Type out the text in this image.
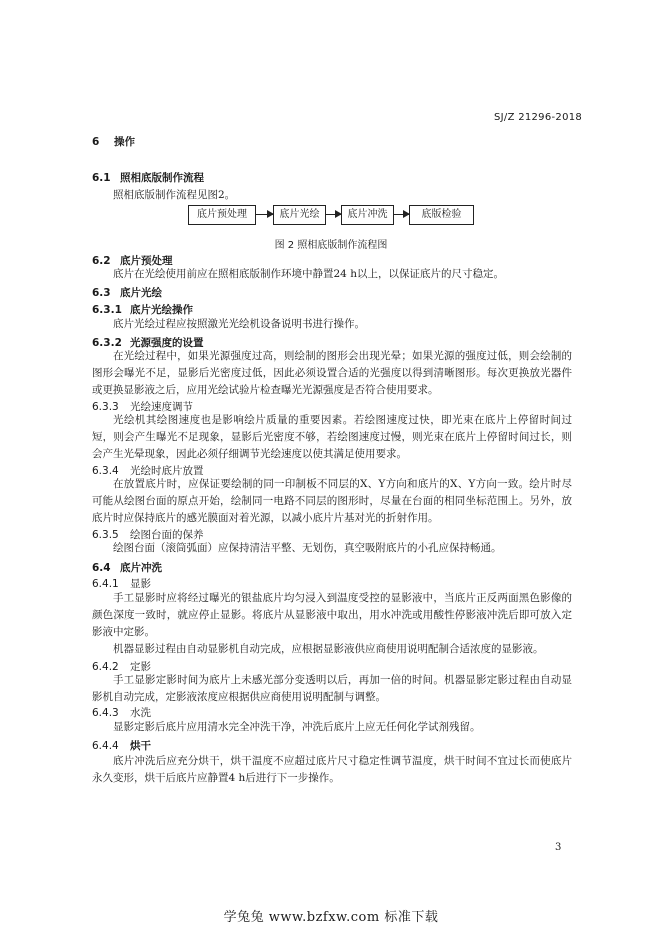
SJ/Z 21296-2018
6 操作
6.1 照相底版制作流程
照相底版制作流程见图2。
底片预处理	底片光绘	底片冲洗	底版检验
图 2 照相底版制作流程图
6.2 底片预处理
底片在光绘使用前应在照相底版制作环境中静置24 h以上，以保证底片的尺寸稳定。
6.3 底片光绘
6.3.1 底片光绘操作
底片光绘过程应按照激光光绘机设备说明书进行操作。
6.3.2 光源强度的设置
在光绘过程中，如果光源强度过高，则绘制的图形会出现光晕；如果光源的强度过低，则会绘制的图形会曝光不足，显影后光密度过低，因此必须设置合适的光强度以得到清晰图形。每次更换放光器件或更换显影液之后，应用光绘试验片检查曝光光源强度是否符合使用要求。
6.3.3 光绘速度调节
光绘机其绘图速度也是影响绘片质量的重要因素。若绘图速度过快，即光束在底片上停留时间过短，则会产生曝光不足现象，显影后光密度不够，若绘图速度过慢，则光束在底片上停留时间过长，则会产生光晕现象，因此必须仔细调节光绘速度以使其满足使用要求。
6.3.4 光绘时底片放置
在放置底片时，应保证要绘制的同一印制板不同层的X、Y方向和底片的X、Y方向一致。绘片时尽可能从绘图台面的原点开始，绘制同一电路不同层的图形时，尽量在台面的相同坐标范围上。另外，放底片时应保持底片的感光膜面对着光源，以减小底片片基对光的折射作用。
6.3.5 绘图台面的保养
绘图台面（滚筒弧面）应保持清洁平整、无划伤，真空吸附底片的小孔应保持畅通。
6.4 底片冲洗
6.4.1 显影
手工显影时应将经过曝光的银盐底片均匀浸入到温度受控的显影液中，当底片正反两面黑色影像的颜色深度一致时，就应停止显影。将底片从显影液中取出，用水冲洗或用酸性停影液冲洗后即可放入定影液中定影。
机器显影过程由自动显影机自动完成，应根据显影液供应商使用说明配制合适浓度的显影液。
6.4.2 定影
手工显影定影时间为底片上未感光部分变透明以后，再加一倍的时间。机器显影定影过程由自动显影机自动完成，定影液浓度应根据供应商使用说明配制与调整。
6.4.3 水洗
显影定影后底片应用清水完全冲洗干净，冲洗后底片上应无任何化学试剂残留。
6.4.4 烘干
底片冲洗后应充分烘干，烘干温度不应超过底片尺寸稳定性调节温度，烘干时间不宜过长而使底片永久变形，烘干后底片应静置4 h后进行下一步操作。
3
学兔兔 www.bzfxw.com 标准下载
